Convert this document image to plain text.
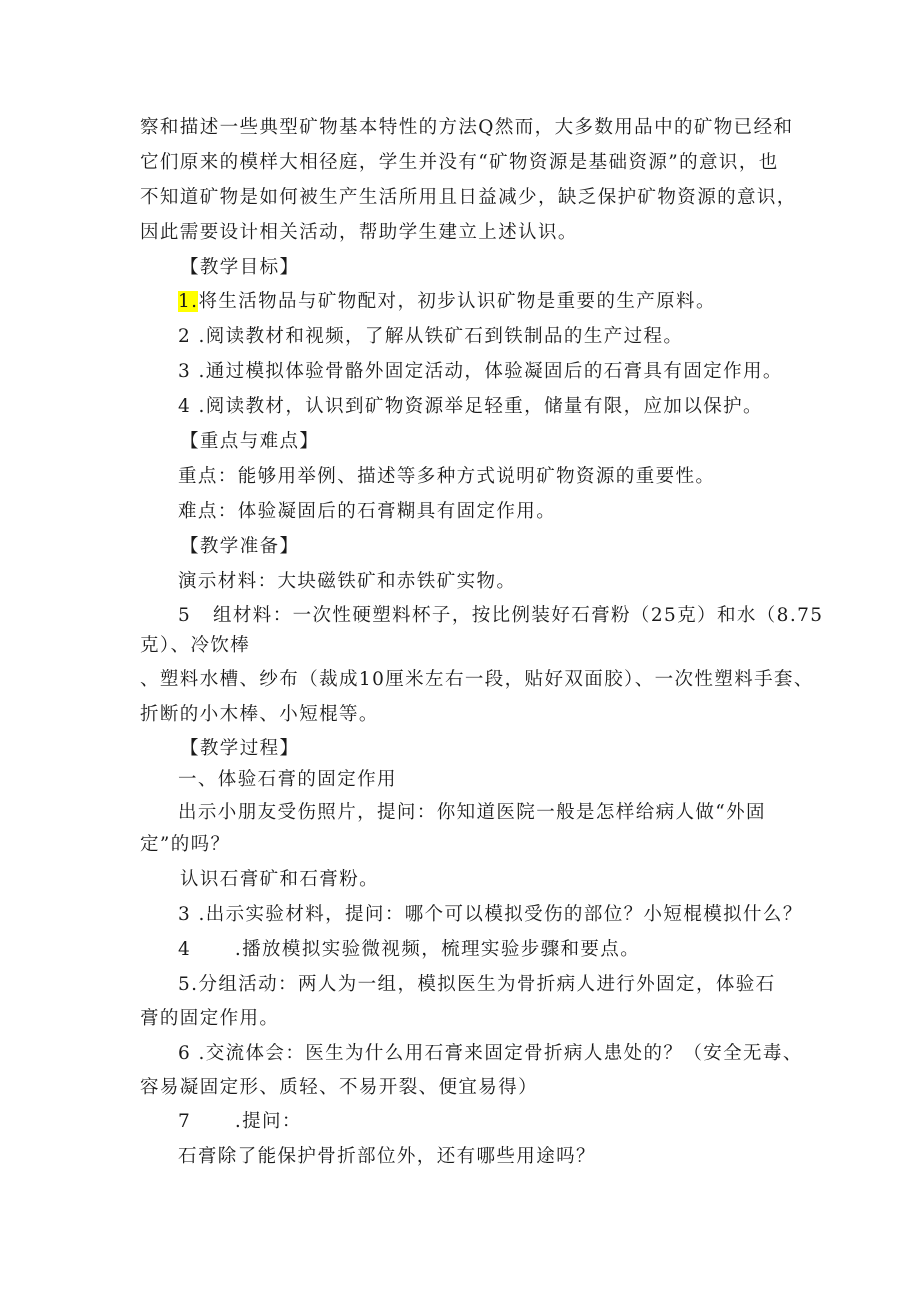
察和描述一些典型矿物基本特性的方法Q然而，大多数用品中的矿物已经和
它们原来的模样大相径庭，学生并没有“矿物资源是基础资源”的意识，也
不知道矿物是如何被生产生活所用且日益减少，缺乏保护矿物资源的意识，
因此需要设计相关活动，帮助学生建立上述认识。
【教学目标】
1.将生活物品与矿物配对，初步认识矿物是重要的生产原料。
2 .阅读教材和视频，了解从铁矿石到铁制品的生产过程。
3 .通过模拟体验骨骼外固定活动，体验凝固后的石膏具有固定作用。
4 .阅读教材，认识到矿物资源举足轻重，储量有限，应加以保护。
【重点与难点】
重点：能够用举例、描述等多种方式说明矿物资源的重要性。
难点：体验凝固后的石膏糊具有固定作用。
【教学准备】
演示材料：大块磁铁矿和赤铁矿实物。
5   组材料：一次性硬塑料杯子，按比例装好石膏粉（25克）和水（8.75
克）、冷饮棒
、塑料水槽、纱布（裁成10厘米左右一段，贴好双面胶）、一次性塑料手套、
折断的小木棒、小短棍等。
【教学过程】
一、体验石膏的固定作用
出示小朋友受伤照片，提问：你知道医院一般是怎样给病人做“外固
定”的吗？
认识石膏矿和石膏粉。
3 .出示实验材料，提问：哪个可以模拟受伤的部位？小短棍模拟什么？
4      .播放模拟实验微视频，梳理实验步骤和要点。
5.分组活动：两人为一组，模拟医生为骨折病人进行外固定，体验石
膏的固定作用。
6 .交流体会：医生为什么用石膏来固定骨折病人患处的？（安全无毒、
容易凝固定形、质轻、不易开裂、便宜易得）
7      .提问：
石膏除了能保护骨折部位外，还有哪些用途吗？
